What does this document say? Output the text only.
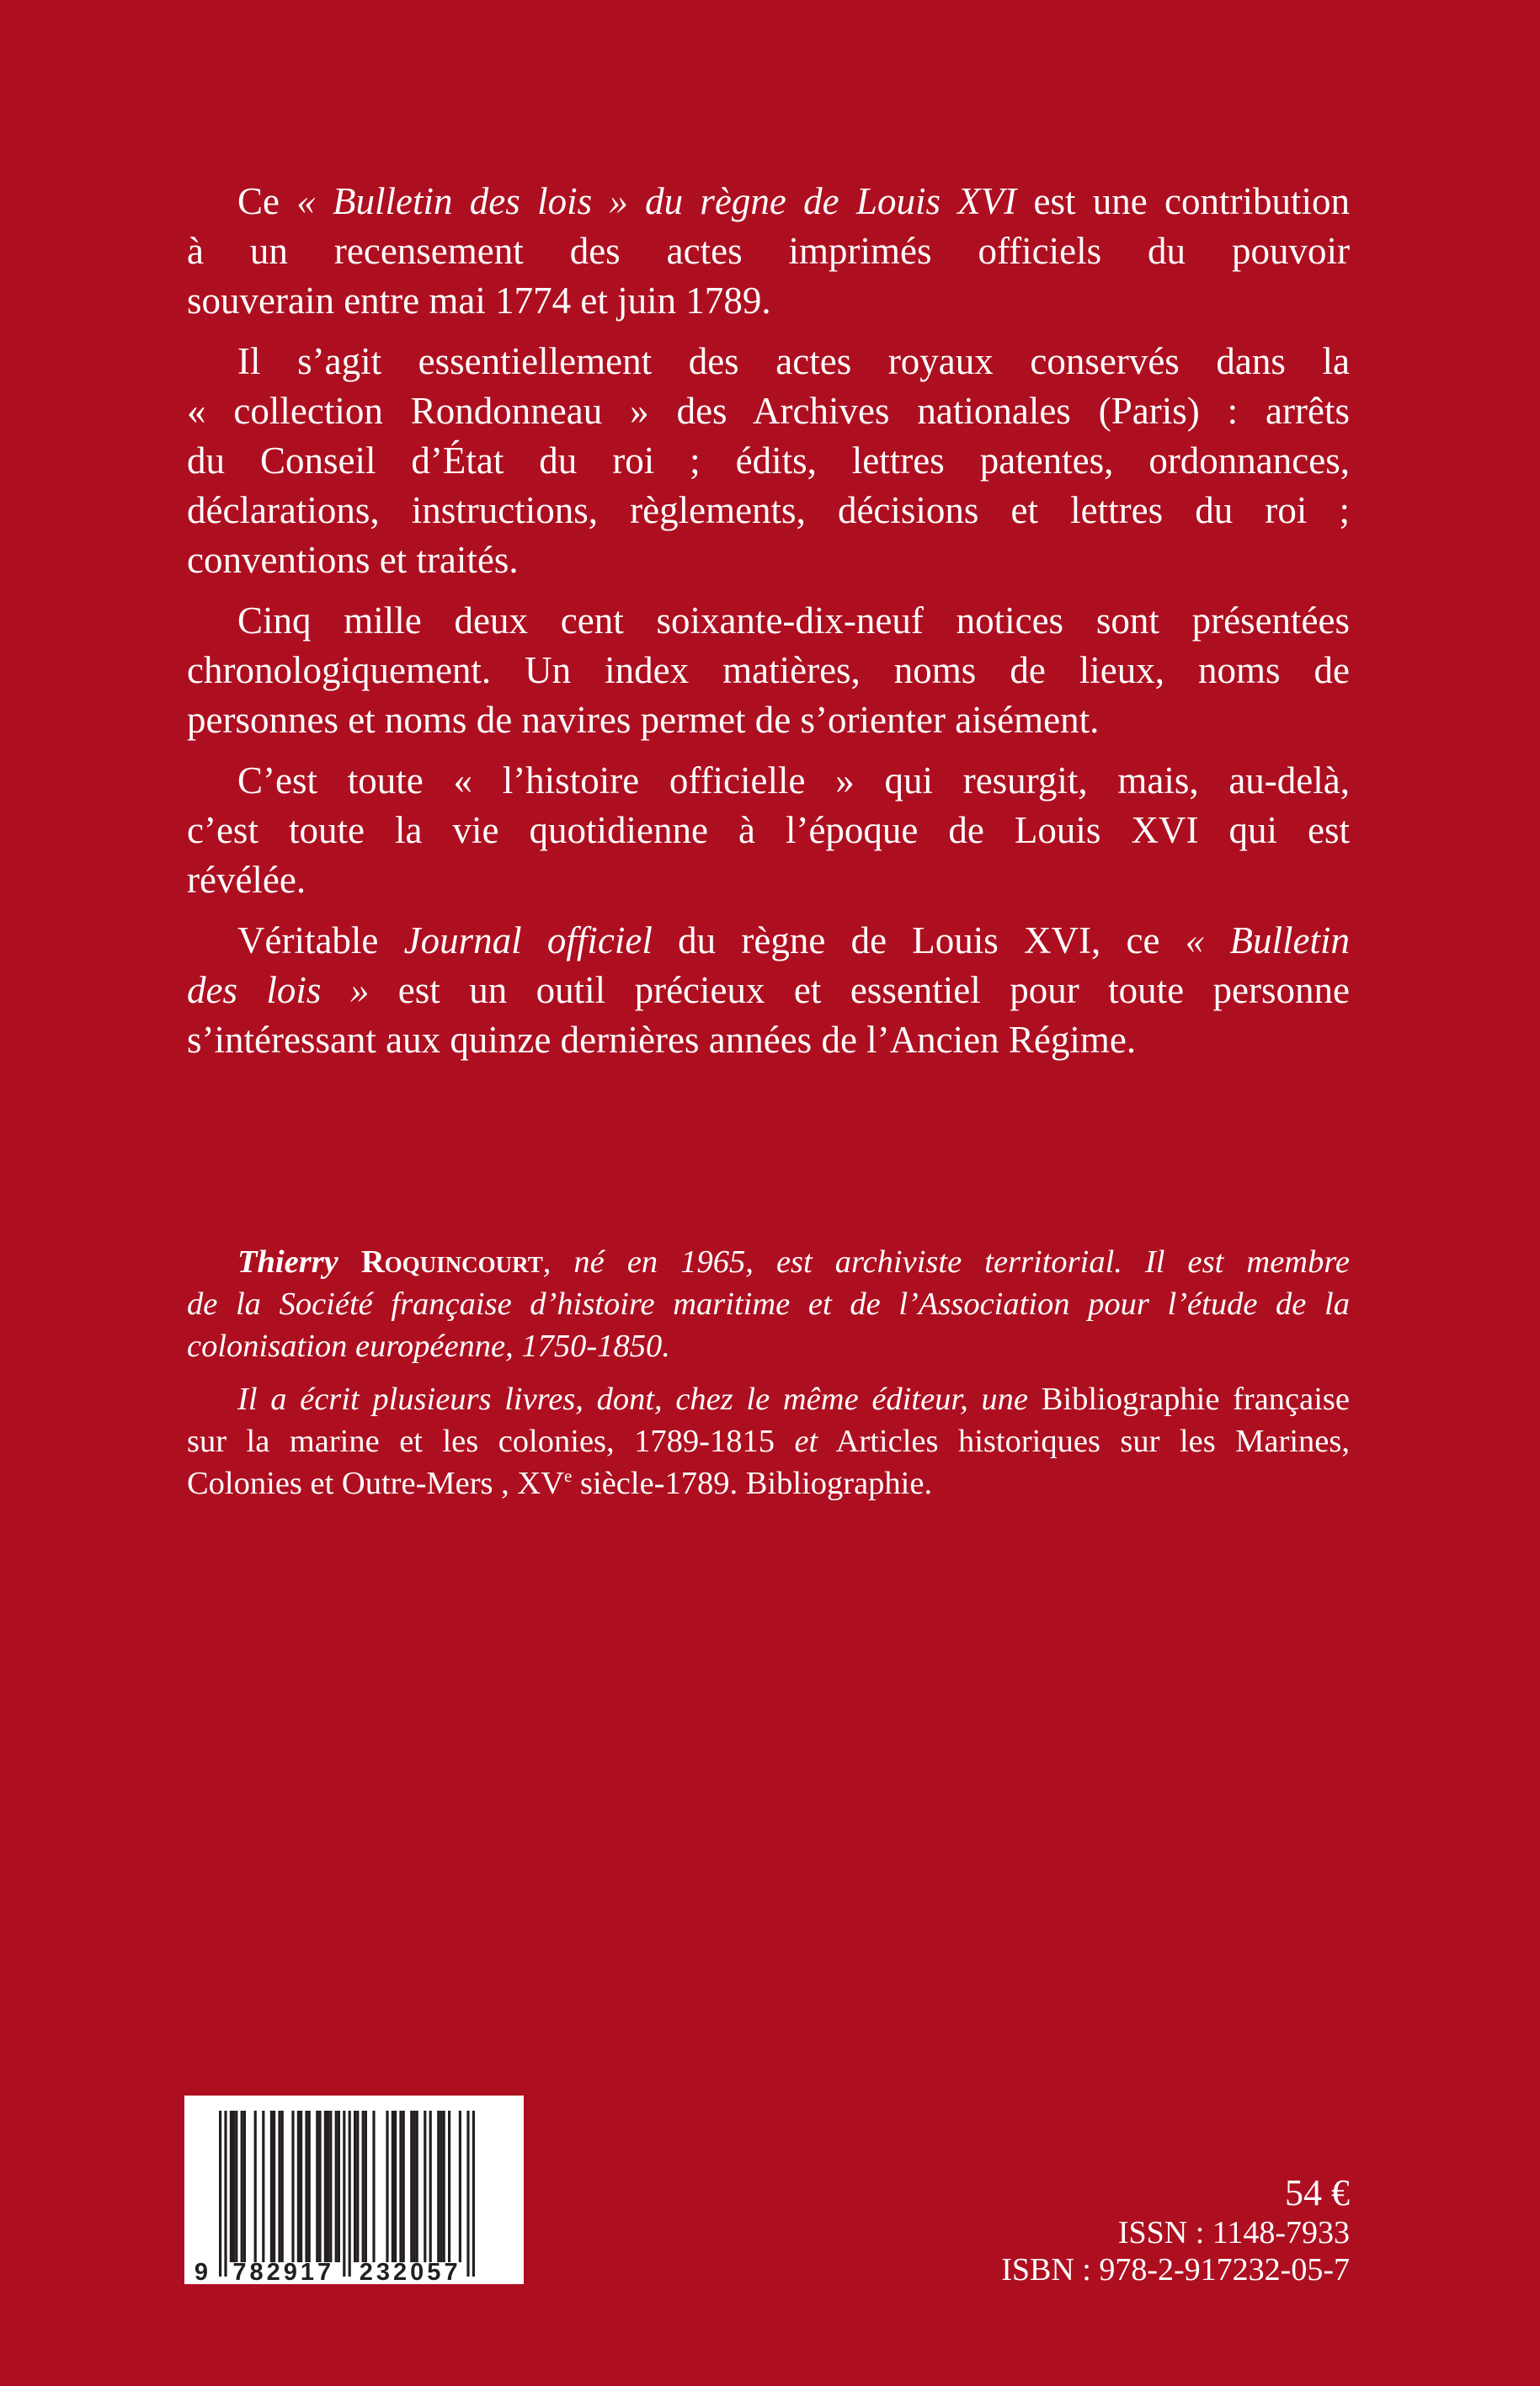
Ce « Bulletin des lois » du règne de Louis XVI est une contribution
à un recensement des actes imprimés officiels du pouvoir
souverain entre mai 1774 et juin 1789.
Il s’agit essentiellement des actes royaux conservés dans la
« collection Rondonneau » des Archives nationales (Paris) : arrêts
du Conseil d’État du roi ; édits, lettres patentes, ordonnances,
déclarations, instructions, règlements, décisions et lettres du roi ;
conventions et traités.
Cinq mille deux cent soixante-dix-neuf notices sont présentées
chronologiquement. Un index matières, noms de lieux, noms de
personnes et noms de navires permet de s’orienter aisément.
C’est toute « l’histoire officielle » qui resurgit, mais, au-delà,
c’est toute la vie quotidienne à l’époque de Louis XVI qui est
révélée.
Véritable Journal officiel du règne de Louis XVI, ce « Bulletin
des lois » est un outil précieux et essentiel pour toute personne
s’intéressant aux quinze dernières années de l’Ancien Régime.
Thierry Roquincourt, né en 1965, est archiviste territorial. Il est membre
de la Société française d’histoire maritime et de l’Association pour l’étude de la
colonisation européenne, 1750-1850.
Il a écrit plusieurs livres, dont, chez le même éditeur, une Bibliographie française
sur la marine et les colonies, 1789-1815 et Articles historiques sur les Marines,
Colonies et Outre-Mers , XVe siècle-1789. Bibliographie.
9 782917 232057
54 €
ISSN : 1148-7933
ISBN : 978-2-917232-05-7
